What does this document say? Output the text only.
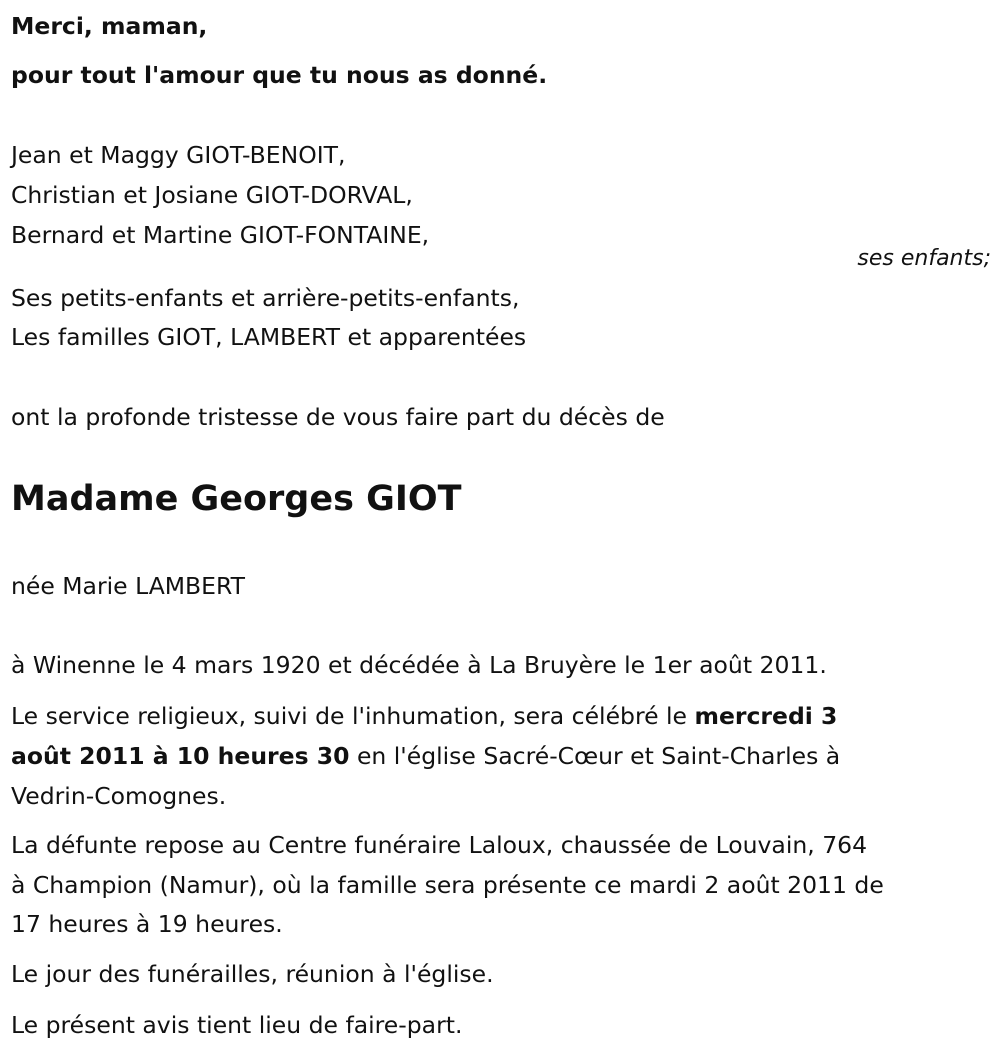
Merci, maman,
pour tout l'amour que tu nous as donné.
Jean et Maggy GIOT-BENOIT,
Christian et Josiane GIOT-DORVAL,
Bernard et Martine GIOT-FONTAINE,
ses enfants;
Ses petits-enfants et arrière-petits-enfants,
Les familles GIOT, LAMBERT et apparentées
ont la profonde tristesse de vous faire part du décès de
Madame Georges GIOT
née Marie LAMBERT
à Winenne le 4 mars 1920 et décédée à La Bruyère le 1er août 2011.
Le service religieux, suivi de l'inhumation, sera célébré le mercredi 3
août 2011 à 10 heures 30 en l'église Sacré-Cœur et Saint-Charles à
Vedrin-Comognes.
La défunte repose au Centre funéraire Laloux, chaussée de Louvain, 764
à Champion (Namur), où la famille sera présente ce mardi 2 août 2011 de
17 heures à 19 heures.
Le jour des funérailles, réunion à l'église.
Le présent avis tient lieu de faire-part.
